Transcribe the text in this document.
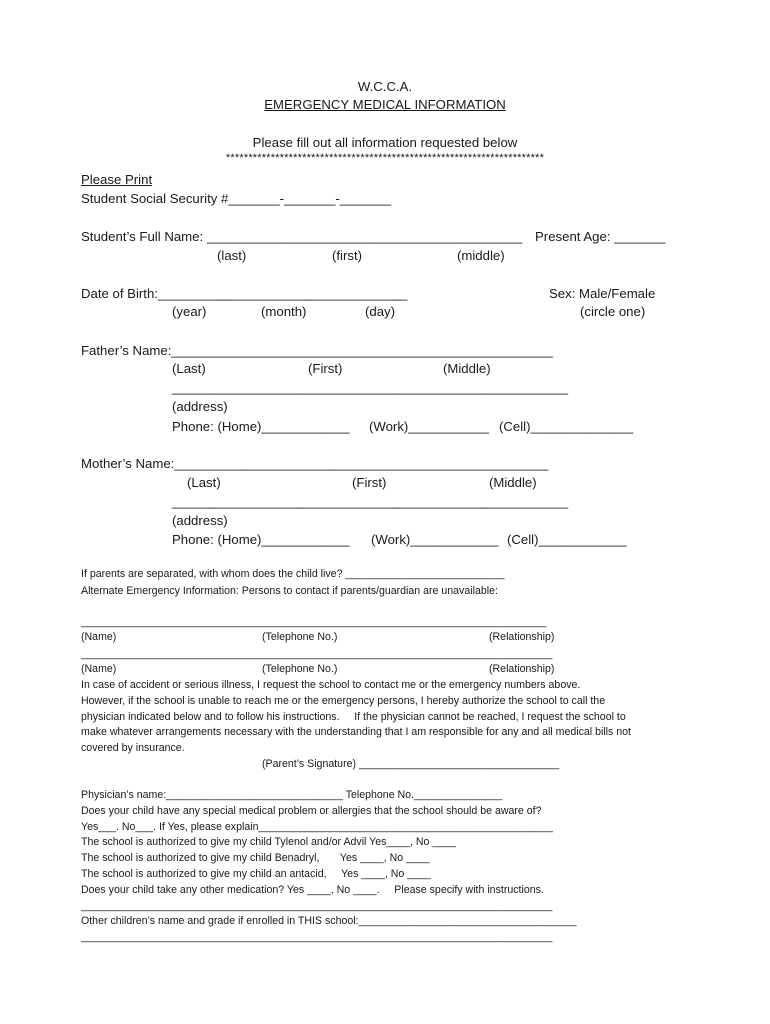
W.C.C.A.
EMERGENCY MEDICAL INFORMATION
Please fill out all information requested below
***********************************************************************
Please Print
Student Social Security #_______-_______-_______
Student’s Full Name: ___________________________________________ Present Age: _______
(last)	(first)	(middle)
Date of Birth:__________________________________	Sex: Male/Female
(year)	(month)	(day)	(circle one)
Father’s Name:____________________________________________________
(Last)	(First)	(Middle)
______________________________________________________
(address)
Phone: (Home)____________ (Work)___________ (Cell)______________
Mother’s Name:___________________________________________________
(Last)	(First)	(Middle)
______________________________________________________
(address)
Phone: (Home)____________ (Work)____________ (Cell)____________
If parents are separated, with whom does the child live? ___________________________
Alternate Emergency Information: Persons to contact if parents/guardian are unavailable:
_______________________________________________________________________________
(Name)	(Telephone No.)	(Relationship)
________________________________________________________________________________
(Name)	(Telephone No.)	(Relationship)
In case of accident or serious illness, I request the school to contact me or the emergency numbers above.
However, if the school is unable to reach me or the emergency persons, I hereby authorize the school to call the
physician indicated below and to follow his instructions.     If the physician cannot be reached, I request the school to
make whatever arrangements necessary with the understanding that I am responsible for any and all medical bills not
covered by insurance.
(Parent’s Signature) __________________________________
Physician’s name:______________________________ Telephone No._______________
Does your child have any special medical problem or allergies that the school should be aware of?
Yes___. No___. If Yes, please explain__________________________________________________
The school is authorized to give my child Tylenol and/or Advil Yes____, No ____
The school is authorized to give my child Benadryl,       Yes ____, No ____
The school is authorized to give my child an antacid,     Yes ____, No ____
Does your child take any other medication? Yes ____, No ____.     Please specify with instructions.
________________________________________________________________________________
Other children’s name and grade if enrolled in THIS school:_____________________________________
________________________________________________________________________________
